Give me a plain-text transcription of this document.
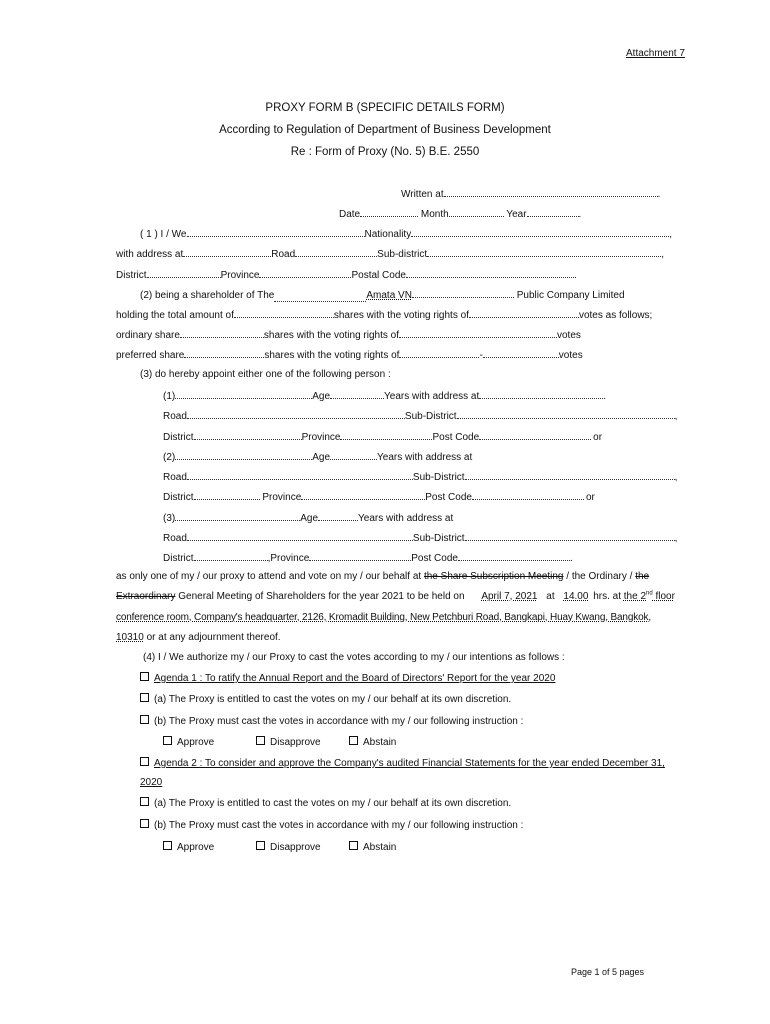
Attachment 7
PROXY FORM B (SPECIFIC DETAILS FORM)
According to Regulation of Department of Business Development
Re : Form of Proxy (No. 5) B.E. 2550
Written at	.
Date	Month	Year	.
( 1 ) I / We	Nationality	,
with address at	Road	Sub-district	,
District	Province	Postal Code	.
(2) being a shareholder of The	Amata VN	Public Company Limited
holding the total amount of	shares with the voting rights of	votes as follows;
ordinary share	shares with the voting rights of	votes
preferred share	shares with the voting rights of	-	votes
(3) do hereby appoint either one of the following person :
(1)	Age	Years with address at	.
Road	Sub-District	,
District	Province	Post Code	or
(2)	Age	Years with address at
Road	Sub-District	,
District	Province	Post Code	or
(3)	Age	Years with address at
Road	Sub-District	,
District	,Province	Post Code	.
as only one of my / our proxy to attend and vote on my / our behalf at the Share Subscription Meeting / the Ordinary / the
Extraordinary General Meeting of Shareholders for the year 2021 to be held on April 7, 2021 at 14.00 hrs. at the 2nd floor
conference room, Company's headquarter, 2126, Kromadit Building, New Petchburi Road, Bangkapi, Huay Kwang, Bangkok,
10310 or at any adjournment thereof.
(4) I / We authorize my / our Proxy to cast the votes according to my / our intentions as follows :
Agenda 1 : To ratify the Annual Report and the Board of Directors' Report for the year 2020
(a) The Proxy is entitled to cast the votes on my / our behalf at its own discretion.
(b) The Proxy must cast the votes in accordance with my / our following instruction :
Approve	Disapprove	Abstain
Agenda 2 : To consider and approve the Company's audited Financial Statements for the year ended December 31,
2020
(a) The Proxy is entitled to cast the votes on my / our behalf at its own discretion.
(b) The Proxy must cast the votes in accordance with my / our following instruction :
Approve	Disapprove	Abstain
Page 1 of 5 pages
